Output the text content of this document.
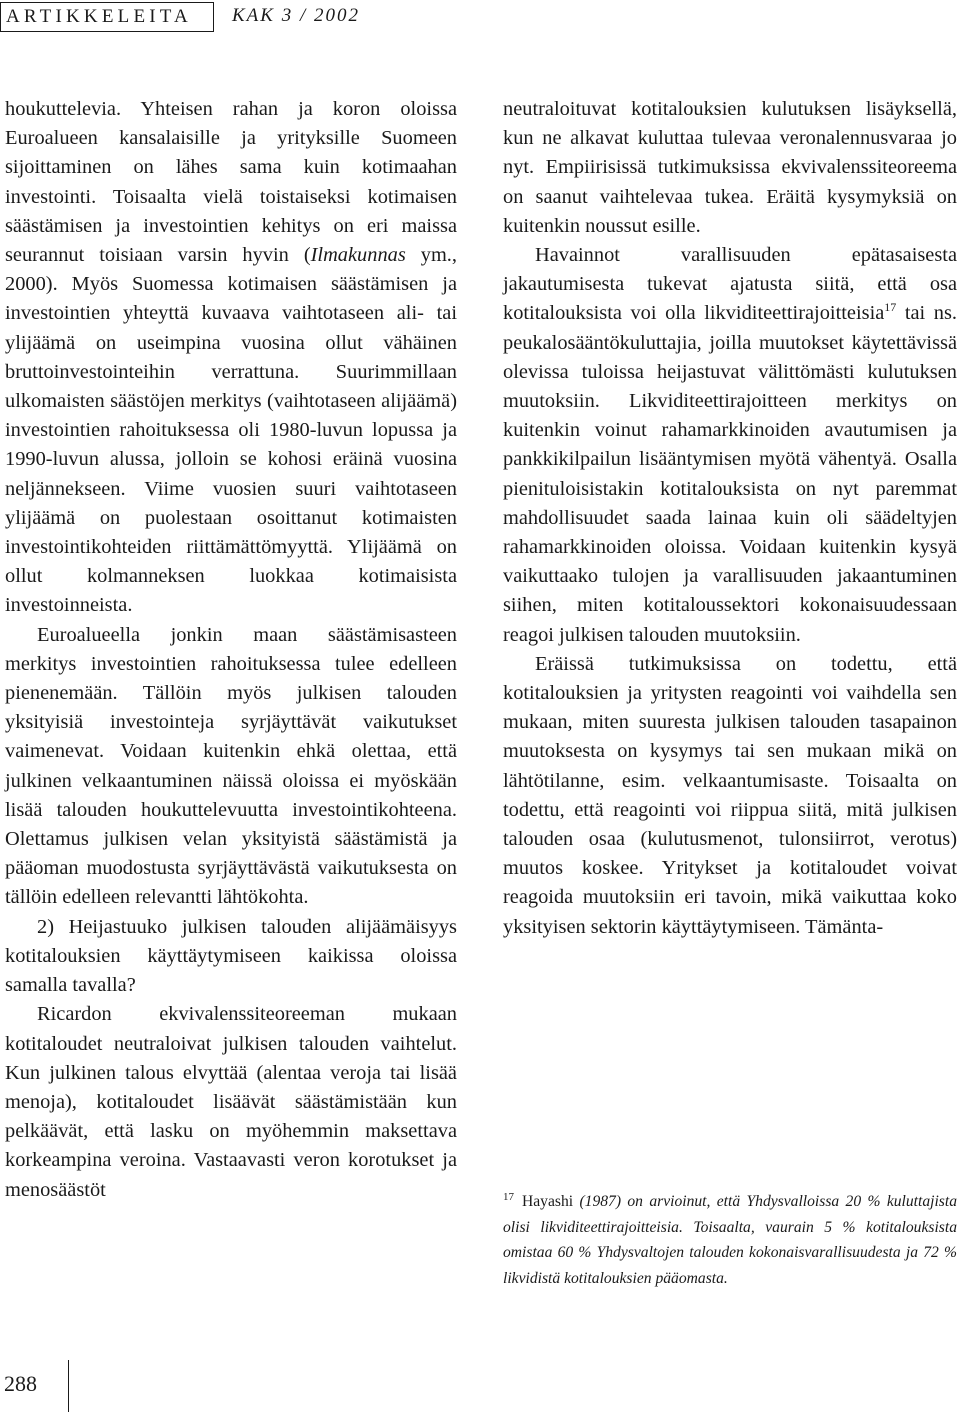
ARTIKKELEITA	KAK 3 / 2002

houkuttelevia. Yhteisen rahan ja koron oloissa Euroalueen kansalaisille ja yrityksille Suomeen sijoittaminen on lähes sama kuin kotimaahan investointi. Toisaalta vielä toistaiseksi kotimaisen säästämisen ja investointien kehitys on eri maissa seurannut toisiaan varsin hyvin (Ilmakunnas ym., 2000). Myös Suomessa kotimaisen säästämisen ja investointien yhteyttä kuvaava vaihtotaseen ali- tai ylijäämä on useimpina vuosina ollut vähäinen bruttoinvestointeihin verrattuna. Suurimmillaan ulkomaisten säästöjen merkitys (vaihtotaseen alijäämä) investointien rahoituksessa oli 1980-luvun lopussa ja 1990-luvun alussa, jolloin se kohosi eräinä vuosina neljännekseen. Viime vuosien suuri vaihtotaseen ylijäämä on puolestaan osoittanut kotimaisten investointikohteiden riittämättömyyttä. Ylijäämä on ollut kolmanneksen luokkaa kotimaisista investoinneista.

Euroalueella jonkin maan säästämisasteen merkitys investointien rahoituksessa tulee edelleen pienenemään. Tällöin myös julkisen talouden yksityisiä investointeja syrjäyttävät vaikutukset vaimenevat. Voidaan kuitenkin ehkä olettaa, että julkinen velkaantuminen näissä oloissa ei myöskään lisää talouden houkuttelevuutta investointikohteena. Olettamus julkisen velan yksityistä säästämistä ja pääoman muodostusta syrjäyttävästä vaikutuksesta on tällöin edelleen relevantti lähtökohta.

2) Heijastuuko julkisen talouden alijäämäisyys kotitalouksien käyttäytymiseen kaikissa oloissa samalla tavalla?

Ricardon ekvivalenssiteoreeman mukaan kotitaloudet neutraloivat julkisen talouden vaihtelut. Kun julkinen talous elvyttää (alentaa veroja tai lisää menoja), kotitaloudet lisäävät säästämistään kun pelkäävät, että lasku on myöhemmin maksettava korkeampina veroina. Vastaavasti veron korotukset ja menosäästöt

neutraloituvat kotitalouksien kulutuksen lisäyksellä, kun ne alkavat kuluttaa tulevaa veronalennusvaraa jo nyt. Empiirisissä tutkimuksissa ekvivalenssiteoreema on saanut vaihtelevaa tukea. Eräitä kysymyksiä on kuitenkin noussut esille.

Havainnot varallisuuden epätasaisesta jakautumisesta tukevat ajatusta siitä, että osa kotitalouksista voi olla likviditeettirajoitteisia$^{17}$ tai ns. peukalosääntökuluttajia, joilla muutokset käytettävissä olevissa tuloissa heijastuvat välittömästi kulutuksen muutoksiin. Likviditeettirajoitteen merkitys on kuitenkin voinut rahamarkkinoiden avautumisen ja pankkikilpailun lisääntymisen myötä vähentyä. Osalla pienituloisistakin kotitalouksista on nyt paremmat mahdollisuudet saada lainaa kuin oli säädeltyjen rahamarkkinoiden oloissa. Voidaan kuitenkin kysyä vaikuttaako tulojen ja varallisuuden jakaantuminen siihen, miten kotitaloussektori kokonaisuudessaan reagoi julkisen talouden muutoksiin.

Eräissä tutkimuksissa on todettu, että kotitalouksien ja yritysten reagointi voi vaihdella sen mukaan, miten suuresta julkisen talouden tasapainon muutoksesta on kysymys tai sen mukaan mikä on lähtötilanne, esim. velkaantumisaste. Toisaalta on todettu, että reagointi voi riippua siitä, mitä julkisen talouden osaa (kulutusmenot, tulonsiirrot, verotus) muutos koskee. Yritykset ja kotitaloudet voivat reagoida muutoksiin eri tavoin, mikä vaikuttaa koko yksityisen sektorin käyttäytymiseen. Tämänta-

$^{17}$ Hayashi (1987) on arvioinut, että Yhdysvalloissa 20 % kuluttajista olisi likviditeettirajoitteisia. Toisaalta, vaurain 5 % kotitalouksista omistaa 60 % Yhdysvaltojen talouden kokonaisvarallisuudesta ja 72 % likvidistä kotitalouksien pääomasta.
288
